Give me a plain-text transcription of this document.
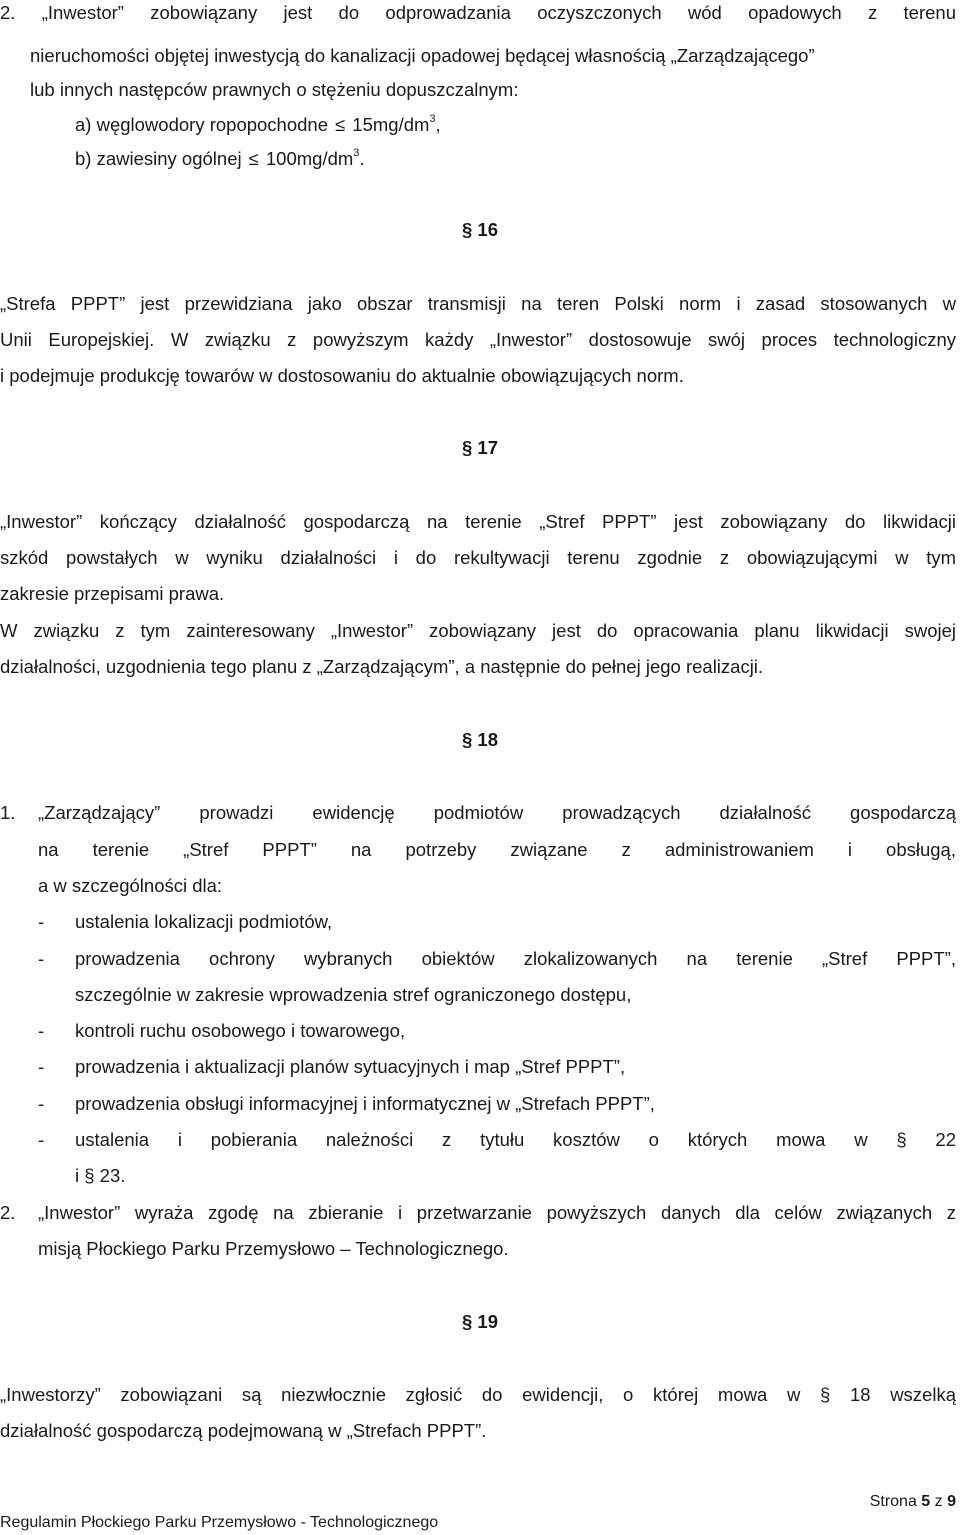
2. „Inwestor” zobowiązany jest do odprowadzania oczyszczonych wód opadowych z terenu
nieruchomości objętej inwestycją do kanalizacji opadowej będącej własnością „Zarządzającego”
lub innych następców prawnych o stężeniu dopuszczalnym:
a) węglowodory ropopochodne ≤ $15mg/dm^3$,
b) zawiesiny ogólnej ≤ $100mg/dm^3$.
§ 16
„Strefa PPPT” jest przewidziana jako obszar transmisji na teren Polski norm i zasad stosowanych w
Unii Europejskiej. W związku z powyższym każdy „Inwestor” dostosowuje swój proces technologiczny
i podejmuje produkcję towarów w dostosowaniu do aktualnie obowiązujących norm.
§ 17
„Inwestor” kończący działalność gospodarczą na terenie „Stref PPPT” jest zobowiązany do likwidacji
szkód powstałych w wyniku działalności i do rekultywacji terenu zgodnie z obowiązującymi w tym
zakresie przepisami prawa.
W związku z tym zainteresowany „Inwestor” zobowiązany jest do opracowania planu likwidacji swojej
działalności, uzgodnienia tego planu z „Zarządzającym”, a następnie do pełnej jego realizacji.
§ 18
1. „Zarządzający” prowadzi ewidencję podmiotów prowadzących działalność gospodarczą
na terenie „Stref PPPT” na potrzeby związane z administrowaniem i obsługą,
a w szczególności dla:
- ustalenia lokalizacji podmiotów,
- prowadzenia ochrony wybranych obiektów zlokalizowanych na terenie „Stref PPPT”,
szczególnie w zakresie wprowadzenia stref ograniczonego dostępu,
- kontroli ruchu osobowego i towarowego,
- prowadzenia i aktualizacji planów sytuacyjnych i map „Stref PPPT”,
- prowadzenia obsługi informacyjnej i informatycznej w „Strefach PPPT”,
- ustalenia i pobierania należności z tytułu kosztów o których mowa w § 22
i § 23.
2. „Inwestor” wyraża zgodę na zbieranie i przetwarzanie powyższych danych dla celów związanych z
misją Płockiego Parku Przemysłowo – Technologicznego.
§ 19
„Inwestorzy” zobowiązani są niezwłocznie zgłosić do ewidencji, o której mowa w § 18 wszelką
działalność gospodarczą podejmowaną w „Strefach PPPT”.
Strona 5 z 9
Regulamin Płockiego Parku Przemysłowo - Technologicznego
